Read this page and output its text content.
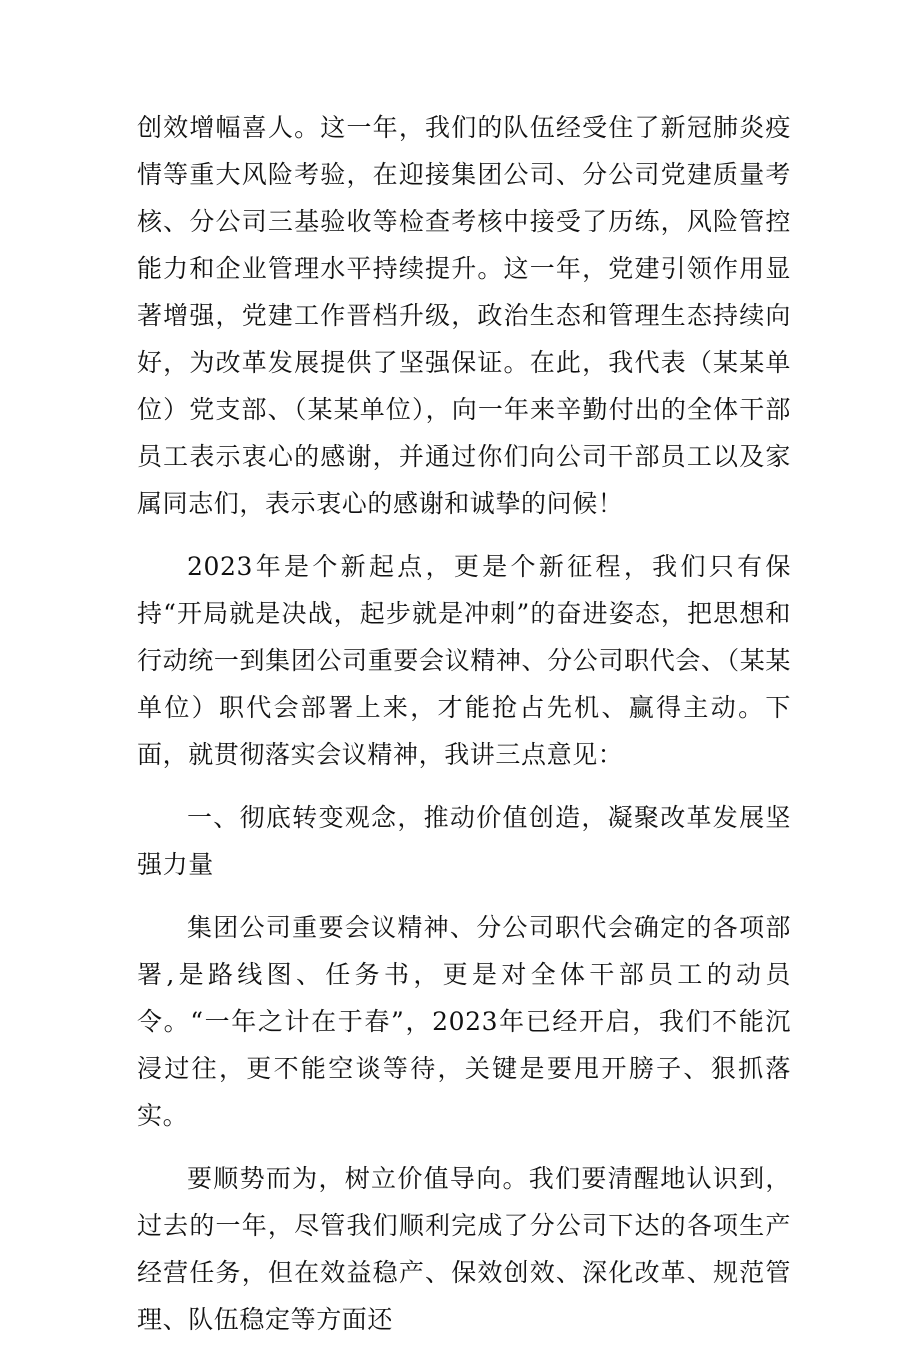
创效增幅喜人。这一年，我们的队伍经受住了新冠肺炎疫情等重大风险考验，在迎接集团公司、分公司党建质量考核、分公司三基验收等检查考核中接受了历练，风险管控能力和企业管理水平持续提升。这一年，党建引领作用显著增强，党建工作晋档升级，政治生态和管理生态持续向好，为改革发展提供了坚强保证。在此，我代表（某某单位）党支部、（某某单位），向一年来辛勤付出的全体干部员工表示衷心的感谢，并通过你们向公司干部员工以及家属同志们，表示衷心的感谢和诚挚的问候！

2023年是个新起点，更是个新征程，我们只有保持“开局就是决战，起步就是冲刺”的奋进姿态，把思想和行动统一到集团公司重要会议精神、分公司职代会、（某某单位）职代会部署上来，才能抢占先机、赢得主动。下面，就贯彻落实会议精神，我讲三点意见：

一、彻底转变观念，推动价值创造，凝聚改革发展坚强力量

集团公司重要会议精神、分公司职代会确定的各项部署,是路线图、任务书，更是对全体干部员工的动员令。“一年之计在于春”，2023年已经开启，我们不能沉浸过往，更不能空谈等待，关键是要甩开膀子、狠抓落实。

要顺势而为，树立价值导向。我们要清醒地认识到，过去的一年，尽管我们顺利完成了分公司下达的各项生产经营任务，但在效益稳产、保效创效、深化改革、规范管理、队伍稳定等方面还
